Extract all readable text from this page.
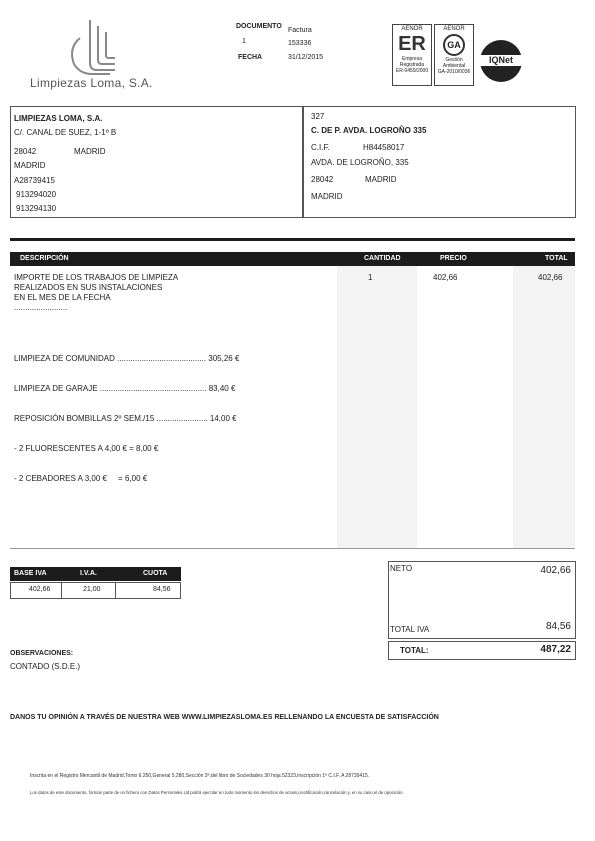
Limpiezas Loma, S.A.
DOCUMENTO
Factura
1	153336
FECHA	31/12/2015
AENOR
ER
Empresa Registrada
ER-0459/2000
AENOR
GA
Gestión Ambiental
GA-2010/0036
IQNet
LIMPIEZAS LOMA, S.A.
C/. CANAL DE SUEZ, 1-1º B
28042	MADRID
MADRID
A28739415
913294020
913294130
327
C. DE P. AVDA. LOGROÑO 335
C.I.F.	H84458017
AVDA. DE LOGROÑO, 335
28042	MADRID
MADRID
DESCRIPCIÓN	CANTIDAD	PRECIO	TOTAL
IMPORTE DE LOS TRABAJOS DE LIMPIEZA
REALIZADOS EN SUS INSTALACIONES
EN EL MES DE LA FECHA
........................

LIMPIEZA DE COMUNIDAD ........................................ 305,26 €

LIMPIEZA DE GARAJE ................................................ 83,40 €

REPOSICIÓN BOMBILLAS 2º SEM./15 ....................... 14,00 €

- 2 FLUORESCENTES A 4,00 € = 8,00 €

- 2 CEBADORES A 3,00 €     = 6,00 €

1	402,66	402,66
BASE IVA	I.V.A.	CUOTA
402,66	21,00	84,56
NETO	402,66
TOTAL IVA	84,56
TOTAL:	487,22
OBSERVACIONES:
CONTADO (S.D.E.)
DANOS TU OPINIÓN A TRAVÉS DE NUESTRA WEB WWW.LIMPIEZASLOMA.ES RELLENANDO LA ENCUESTA DE SATISFACCIÓN
Inscrita en el Registro Mercantil de Madrid,Tomo 6.250,General 5.280,Sección 3ª,del libro de Sociedades 30 hoja 52323,inscripción 1ª C.I.F. A 28739415.
Los datos de este documento, forman parte de un fichero con Datos Personales.Ud podrá ejercitar en todo momento los derechos de acceso,rectificación,cancelación y, en su caso,el de oposición.
